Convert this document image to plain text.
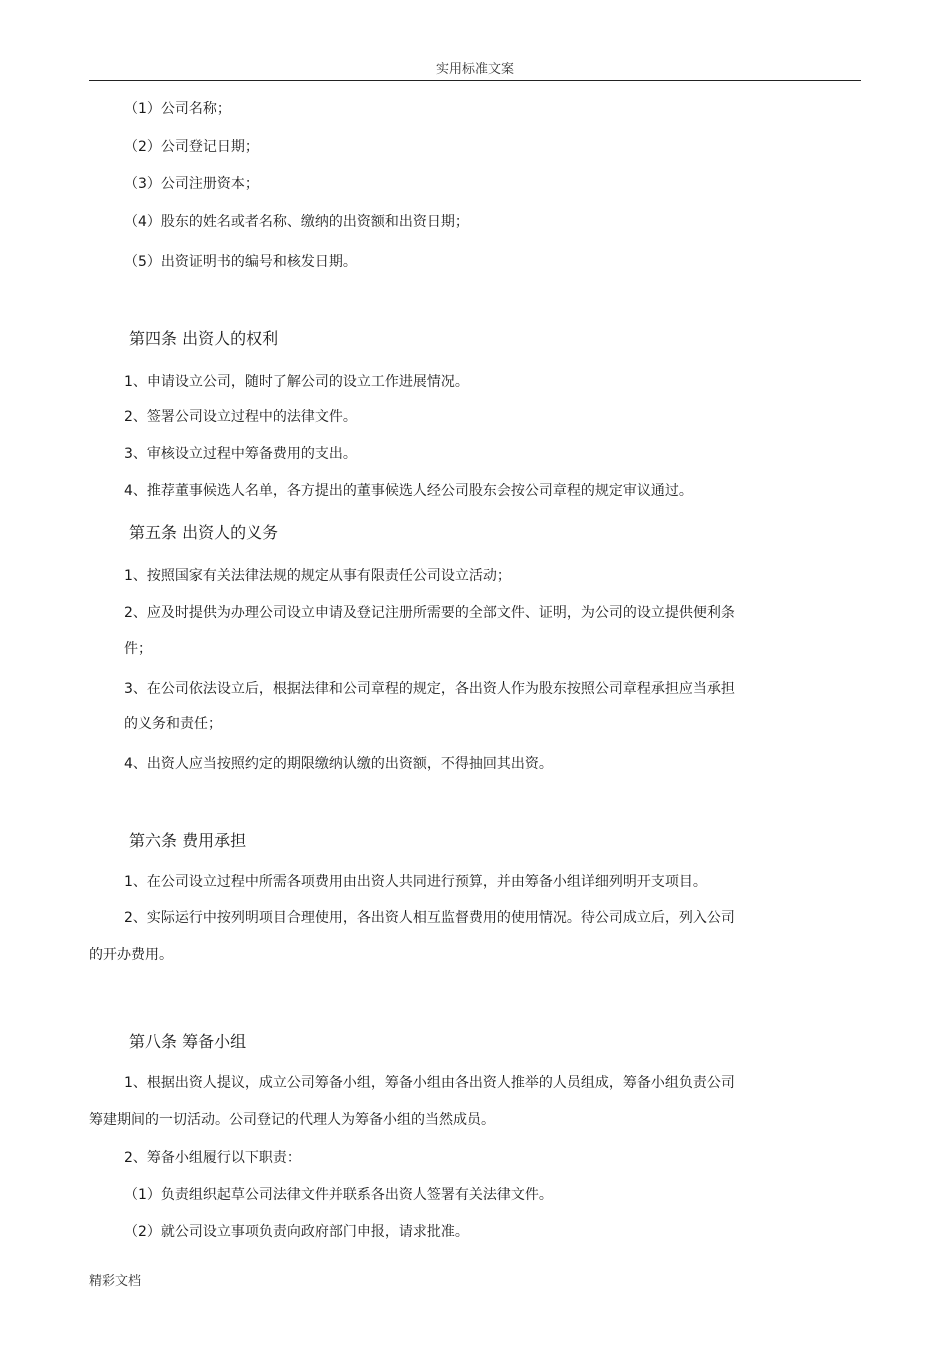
实用标准文案
（1）公司名称；
（2）公司登记日期；
（3）公司注册资本；
（4）股东的姓名或者名称、缴纳的出资额和出资日期；
（5）出资证明书的编号和核发日期。
第四条 出资人的权利
1、申请设立公司，随时了解公司的设立工作进展情况。
2、签署公司设立过程中的法律文件。
3、审核设立过程中筹备费用的支出。
4、推荐董事候选人名单，各方提出的董事候选人经公司股东会按公司章程的规定审议通过。
第五条 出资人的义务
1、按照国家有关法律法规的规定从事有限责任公司设立活动；
2、应及时提供为办理公司设立申请及登记注册所需要的全部文件、证明，为公司的设立提供便利条
件；
3、在公司依法设立后，根据法律和公司章程的规定，各出资人作为股东按照公司章程承担应当承担
的义务和责任；
4、出资人应当按照约定的期限缴纳认缴的出资额，不得抽回其出资。
第六条 费用承担
1、在公司设立过程中所需各项费用由出资人共同进行预算，并由筹备小组详细列明开支项目。
2、实际运行中按列明项目合理使用，各出资人相互监督费用的使用情况。待公司成立后，列入公司
的开办费用。
第八条 筹备小组
1、根据出资人提议，成立公司筹备小组，筹备小组由各出资人推举的人员组成，筹备小组负责公司
筹建期间的一切活动。公司登记的代理人为筹备小组的当然成员。
2、筹备小组履行以下职责：
（1）负责组织起草公司法律文件并联系各出资人签署有关法律文件。
（2）就公司设立事项负责向政府部门申报，请求批准。
精彩文档
